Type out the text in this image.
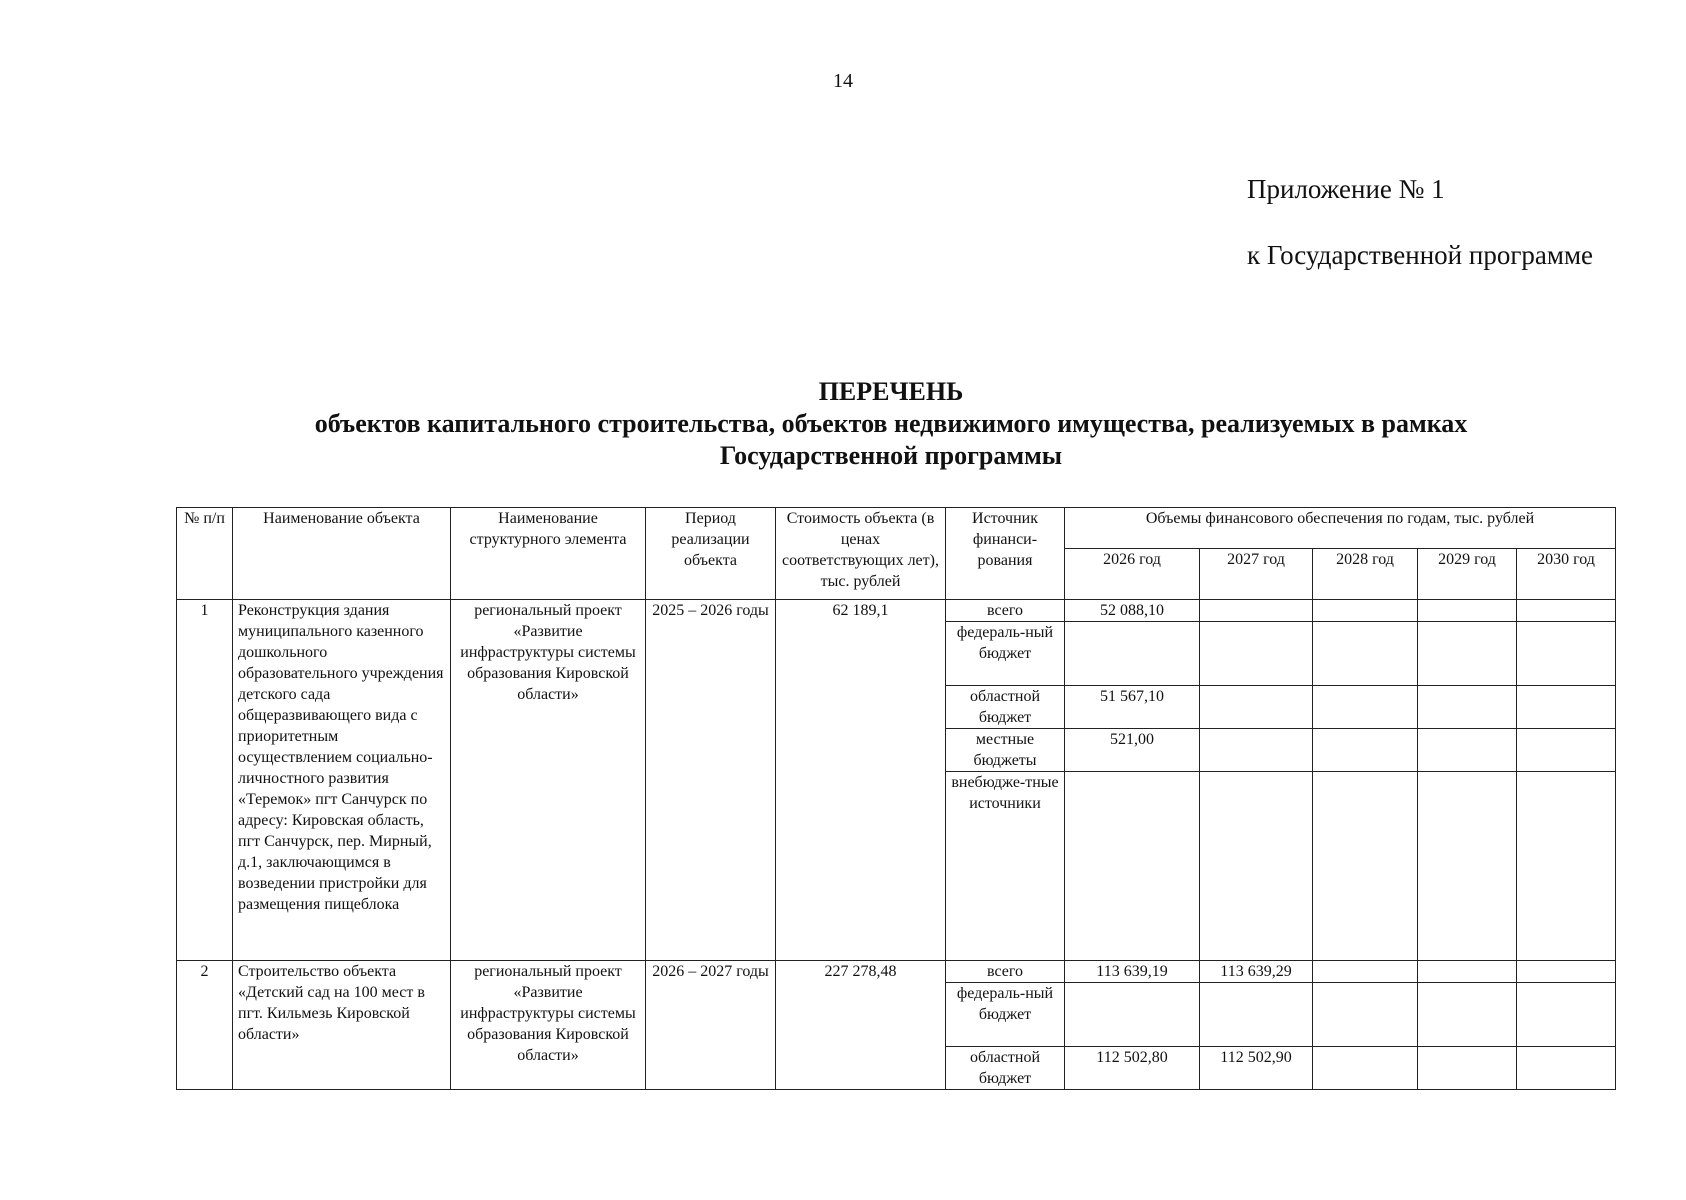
14
Приложение № 1
к Государственной программе
ПЕРЕЧЕНЬ
объектов капитального строительства, объектов недвижимого имущества, реализуемых в рамках
Государственной программы
№ п/п	Наименование объекта	Наименование структурного элемента	Период реализации объекта	Стоимость объекта (в ценах соответствующих лет), тыс. рублей	Источник финанси-рования	Объемы финансового обеспечения по годам, тыс. рублей				
						2026 год	2027 год	2028 год	2029 год	2030 год
1	Реконструкция здания муниципального казенного дошкольного образовательного учреждения детского сада общеразвивающего вида с приоритетным осуществлением социально-личностного развития «Теремок» пгт Санчурск по адресу: Кировская область, пгт Санчурск, пер. Мирный, д.1, заключающимся в возведении пристройки для размещения пищеблока	региональный проект «Развитие инфраструктуры системы образования Кировской области»	2025 – 2026 годы	62 189,1	всего	52 088,10				
					федераль-ный бюджет					
					областной бюджет	51 567,10				
					местные бюджеты	521,00				
					внебюдже-тные источники					
2	Строительство объекта «Детский сад на 100 мест в пгт. Кильмезь Кировской области»	региональный проект «Развитие инфраструктуры системы образования Кировской области»	2026 – 2027 годы	227 278,48	всего	113 639,19	113 639,29			
					федераль-ный бюджет					
					областной бюджет	112 502,80	112 502,90			
